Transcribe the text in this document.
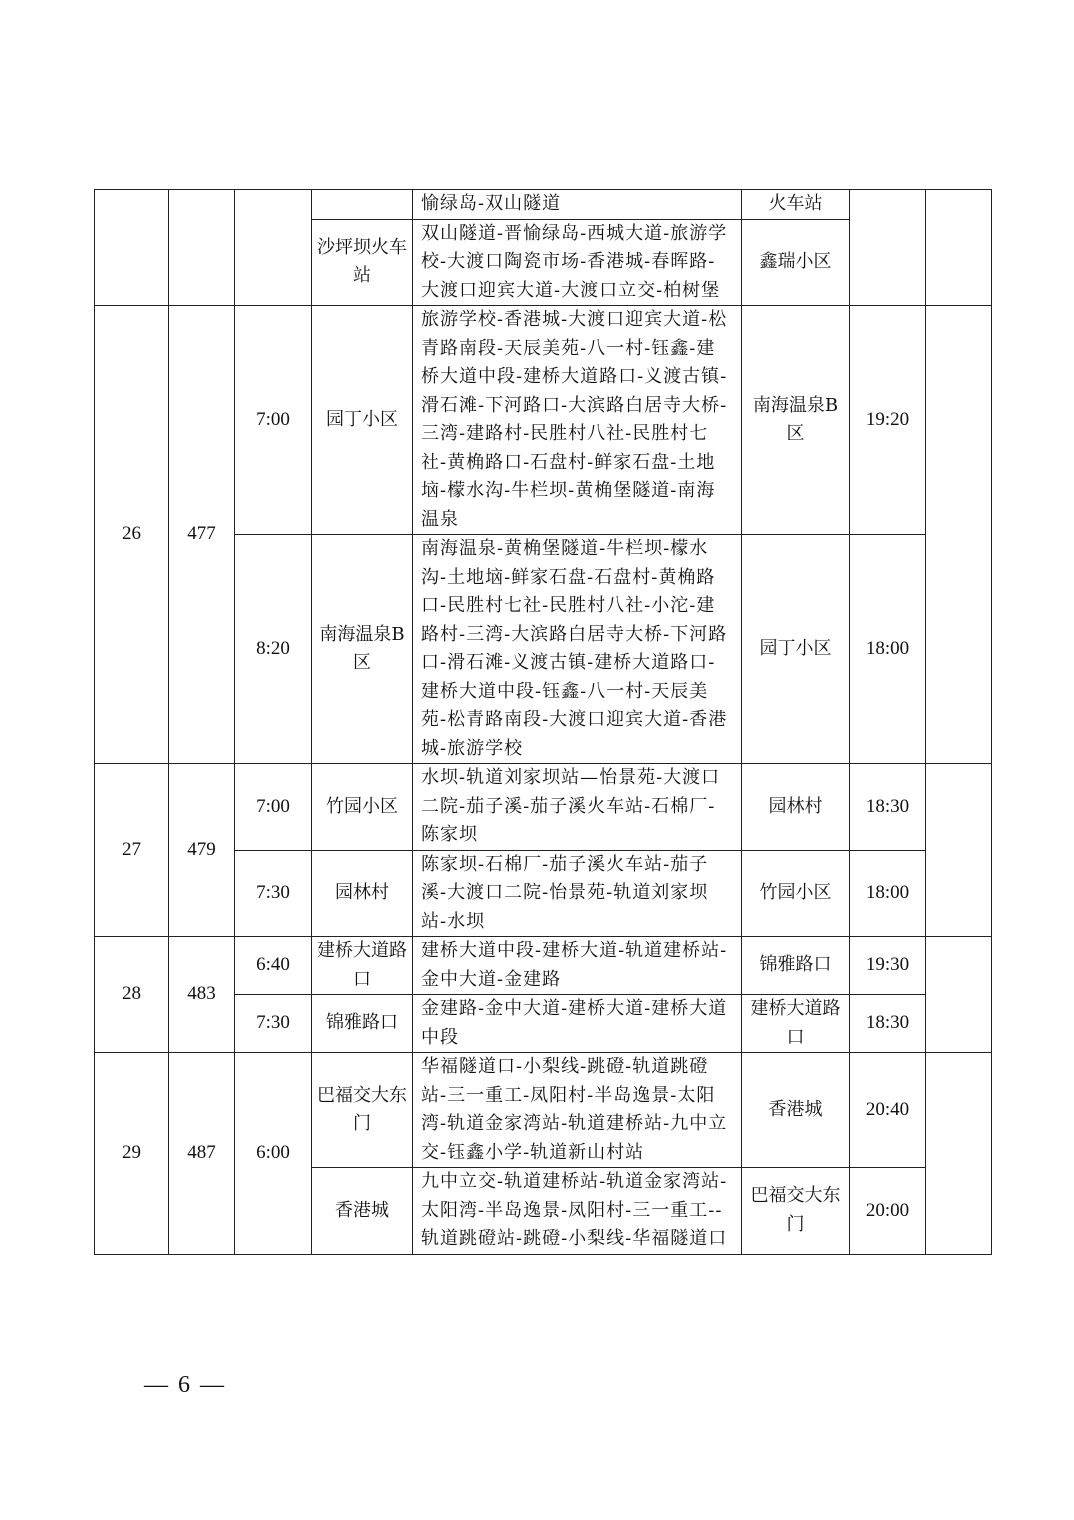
				愉绿岛-双山隧道	火车站		
			沙坪坝火车站	双山隧道-晋愉绿岛-西城大道-旅游学校-大渡口陶瓷市场-香港城-春晖路-大渡口迎宾大道-大渡口立交-柏树堡	鑫瑞小区		
26	477	7:00	园丁小区	旅游学校-香港城-大渡口迎宾大道-松青路南段-天辰美苑-八一村-钰鑫-建桥大道中段-建桥大道路口-义渡古镇-滑石滩-下河路口-大滨路白居寺大桥-三湾-建路村-民胜村八社-民胜村七社-黄桷路口-石盘村-鲜家石盘-土地垴-檬水沟-牛栏坝-黄桷堡隧道-南海温泉	南海温泉B 区	19:20	
		8:20	南海温泉B 区	南海温泉-黄桷堡隧道-牛栏坝-檬水沟-土地垴-鲜家石盘-石盘村-黄桷路口-民胜村七社-民胜村八社-小沱-建路村-三湾-大滨路白居寺大桥-下河路口-滑石滩-义渡古镇-建桥大道路口-建桥大道中段-钰鑫-八一村-天辰美苑-松青路南段-大渡口迎宾大道-香港城-旅游学校	园丁小区	18:00	
27	479	7:00	竹园小区	水坝-轨道刘家坝站—怡景苑-大渡口二院-茄子溪-茄子溪火车站-石棉厂-陈家坝	园林村	18:30	
		7:30	园林村	陈家坝-石棉厂-茄子溪火车站-茄子溪-大渡口二院-怡景苑-轨道刘家坝站-水坝	竹园小区	18:00	
28	483	6:40	建桥大道路口	建桥大道中段-建桥大道-轨道建桥站-金中大道-金建路	锦雅路口	19:30	
		7:30	锦雅路口	金建路-金中大道-建桥大道-建桥大道中段	建桥大道路口	18:30	
29	487	6:00	巴福交大东门	华福隧道口-小梨线-跳磴-轨道跳磴站-三一重工-凤阳村-半岛逸景-太阳湾-轨道金家湾站-轨道建桥站-九中立交-钰鑫小学-轨道新山村站	香港城	20:40	
			香港城	九中立交-轨道建桥站-轨道金家湾站-太阳湾-半岛逸景-凤阳村-三一重工--轨道跳磴站-跳磴-小梨线-华福隧道口	巴福交大东门	20:00	
— 6 —
